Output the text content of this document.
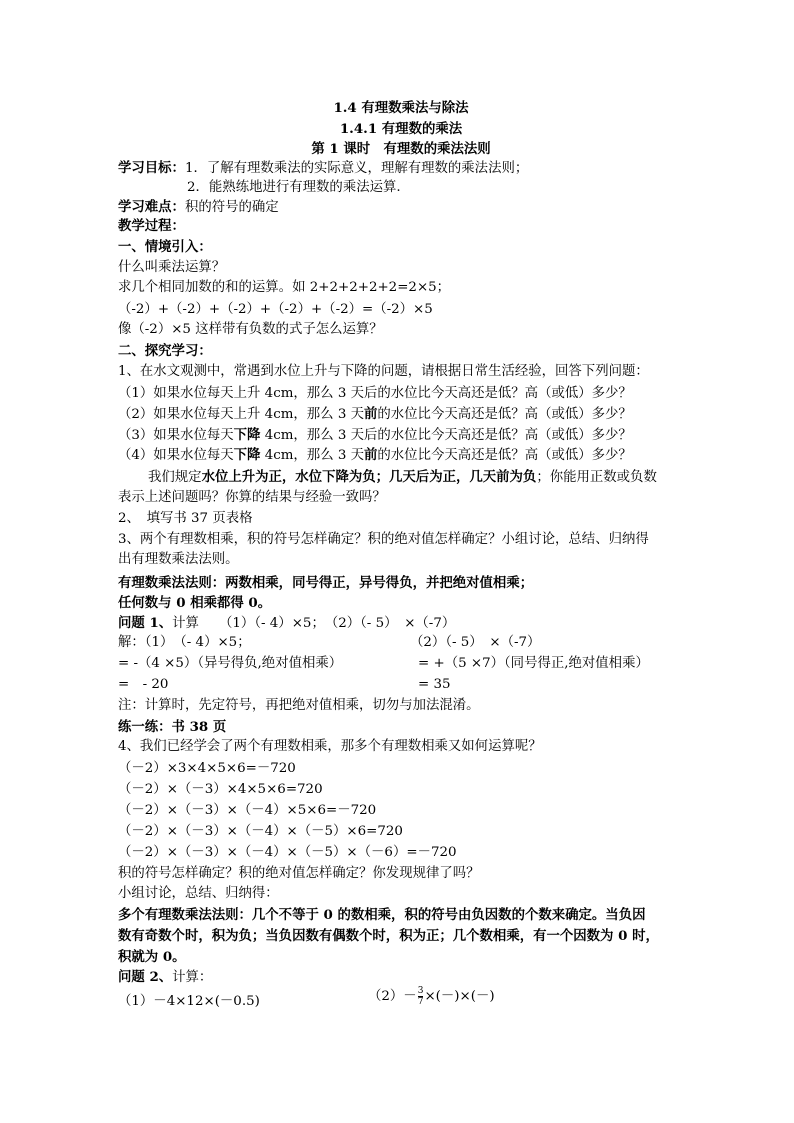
1.4 有理数乘法与除法
1.4.1 有理数的乘法
第 1 课时　有理数的乘法法则
学习目标：1．了解有理数乘法的实际意义，理解有理数的乘法法则；
2．能熟练地进行有理数的乘法运算.
学习难点：积的符号的确定
教学过程：
一、情境引入：
什么叫乘法运算？
求几个相同加数的和的运算。如 2+2+2+2+2=2×5；
（-2）+（-2）+（-2）+（-2）+（-2）=（-2）×5
像（-2）×5 这样带有负数的式子怎么运算？
二、探究学习：
1、在水文观测中，常遇到水位上升与下降的问题，请根据日常生活经验，回答下列问题：
（1）如果水位每天上升 4cm，那么 3 天后的水位比今天高还是低？高（或低）多少？
（2）如果水位每天上升 4cm，那么 3 天前的水位比今天高还是低？高（或低）多少？
（3）如果水位每天下降 4cm，那么 3 天后的水位比今天高还是低？高（或低）多少？
（4）如果水位每天下降 4cm，那么 3 天前的水位比今天高还是低？高（或低）多少？
我们规定水位上升为正，水位下降为负；几天后为正，几天前为负；你能用正数或负数
表示上述问题吗？你算的结果与经验一致吗？
2、　填写书 37 页表格
3、两个有理数相乘，积的符号怎样确定？积的绝对值怎样确定？小组讨论，总结、归纳得
出有理数乘法法则。
有理数乘法法则：两数相乘，同号得正，异号得负，并把绝对值相乘；
任何数与 0 相乘都得 0。
问题 1、计算　　（1）（- 4）×5；　（2）（- 5）　×（-7）
解：（1）　（- 4）×5；	（2）（- 5）　×（-7）
= -（4 ×5）（异号得负,绝对值相乘）	= +（5 ×7）（同号得正,绝对值相乘）
=　- 20	= 35
注：计算时，先定符号，再把绝对值相乘，切勿与加法混淆。
练一练：书 38 页
4、我们已经学会了两个有理数相乘，那多个有理数相乘又如何运算呢？
（－2）×3×4×5×6=－720
（－2）×（－3）×4×5×6=720
（－2）×（－3）×（－4）×5×6=－720
（－2）×（－3）×（－4）×（－5）×6=720
（－2）×（－3）×（－4）×（－5）×（－6）=－720
积的符号怎样确定？积的绝对值怎样确定？你发现规律了吗？
小组讨论，总结、归纳得：
多个有理数乘法法则：几个不等于 0 的数相乘，积的符号由负因数的个数来确定。当负因
数有奇数个时，积为负；当负因数有偶数个时，积为正；几个数相乘，有一个因数为 0 时，
积就为 0。
问题 2、计算：
（1）－4×12×(－0.5)	$(2)- \frac{3}{7}$ ×(－)×(－)
